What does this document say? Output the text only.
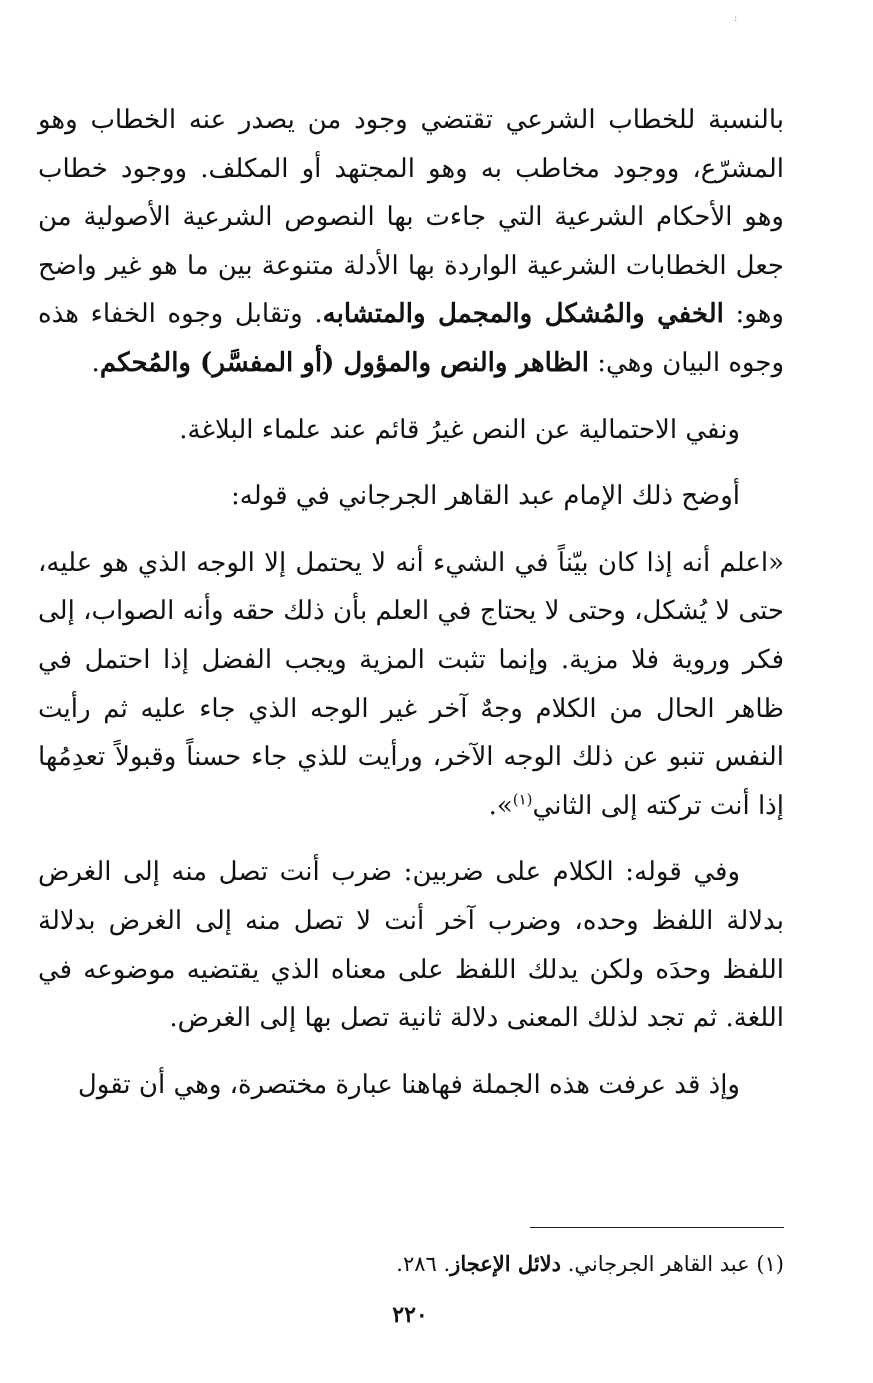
:

بالنسبة للخطاب الشرعي تقتضي وجود من يصدر عنه الخطاب وهو المشرّع، ووجود مخاطب به وهو المجتهد أو المكلف. ووجود خطاب وهو الأحكام الشرعية التي جاءت بها النصوص الشرعية الأصولية من جعل الخطابات الشرعية الواردة بها الأدلة متنوعة بين ما هو غير واضح وهو: الخفي والمُشكل والمجمل والمتشابه. وتقابل وجوه الخفاء هذه وجوه البيان وهي: الظاهر والنص والمؤول (أو المفسَّر) والمُحكم.

ونفي الاحتمالية عن النص غيرُ قائم عند علماء البلاغة.

أوضح ذلك الإمام عبد القاهر الجرجاني في قوله:

«اعلم أنه إذا كان بيّناً في الشيء أنه لا يحتمل إلا الوجه الذي هو عليه، حتى لا يُشكل، وحتى لا يحتاج في العلم بأن ذلك حقه وأنه الصواب، إلى فكر وروية فلا مزية. وإنما تثبت المزية ويجب الفضل إذا احتمل في ظاهر الحال من الكلام وجهٌ آخر غير الوجه الذي جاء عليه ثم رأيت النفس تنبو عن ذلك الوجه الآخر، ورأيت للذي جاء حسناً وقبولاً تعدِمُها إذا أنت تركته إلى الثاني$^{(١)}$».

وفي قوله: الكلام على ضربين: ضرب أنت تصل منه إلى الغرض بدلالة اللفظ وحده، وضرب آخر أنت لا تصل منه إلى الغرض بدلالة اللفظ وحدَه ولكن يدلك اللفظ على معناه الذي يقتضيه موضوعه في اللغة. ثم تجد لذلك المعنى دلالة ثانية تصل بها إلى الغرض.

وإذ قد عرفت هذه الجملة فهاهنا عبارة مختصرة، وهي أن تقول

(١) عبد القاهر الجرجاني. دلائل الإعجاز. ٢٨٦.
٢٢٠
